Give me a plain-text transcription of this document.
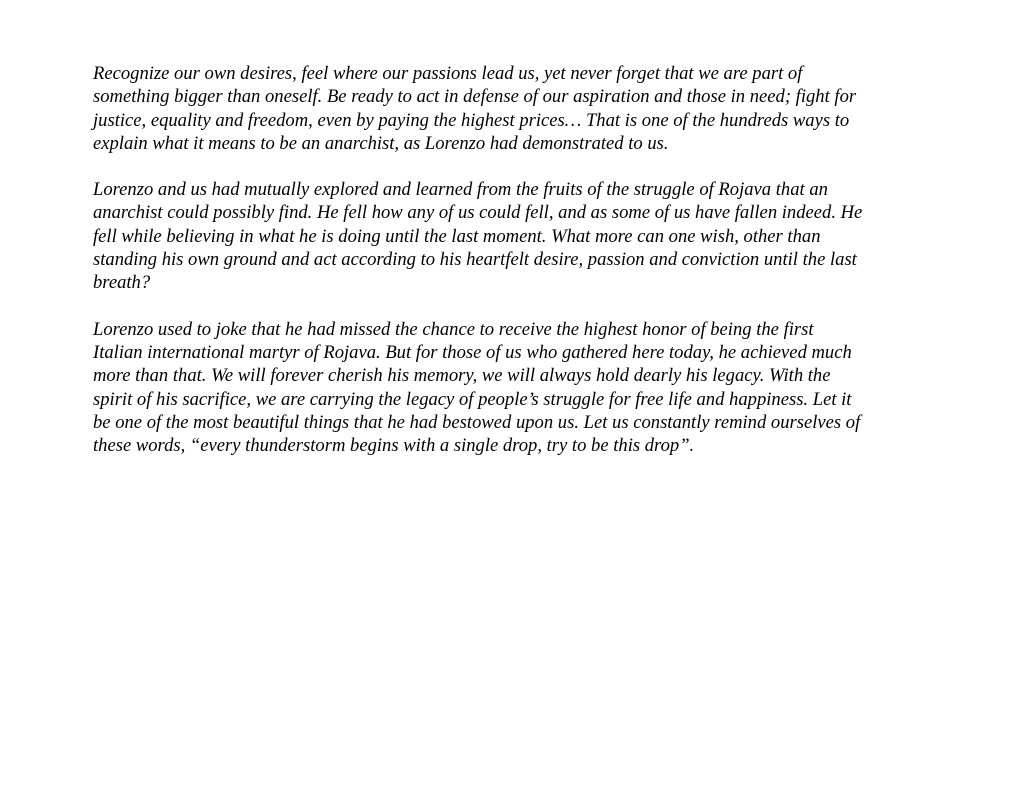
Recognize our own desires, feel where our passions lead us, yet never forget that we are part of
something bigger than oneself. Be ready to act in defense of our aspiration and those in need; fight for
justice, equality and freedom, even by paying the highest prices… That is one of the hundreds ways to
explain what it means to be an anarchist, as Lorenzo had demonstrated to us.

Lorenzo and us had mutually explored and learned from the fruits of the struggle of Rojava that an
anarchist could possibly find. He fell how any of us could fell, and as some of us have fallen indeed. He
fell while believing in what he is doing until the last moment. What more can one wish, other than
standing his own ground and act according to his heartfelt desire, passion and conviction until the last
breath?

Lorenzo used to joke that he had missed the chance to receive the highest honor of being the first
Italian international martyr of Rojava. But for those of us who gathered here today, he achieved much
more than that. We will forever cherish his memory, we will always hold dearly his legacy. With the
spirit of his sacrifice, we are carrying the legacy of people’s struggle for free life and happiness. Let it
be one of the most beautiful things that he had bestowed upon us. Let us constantly remind ourselves of
these words, “every thunderstorm begins with a single drop, try to be this drop”.
